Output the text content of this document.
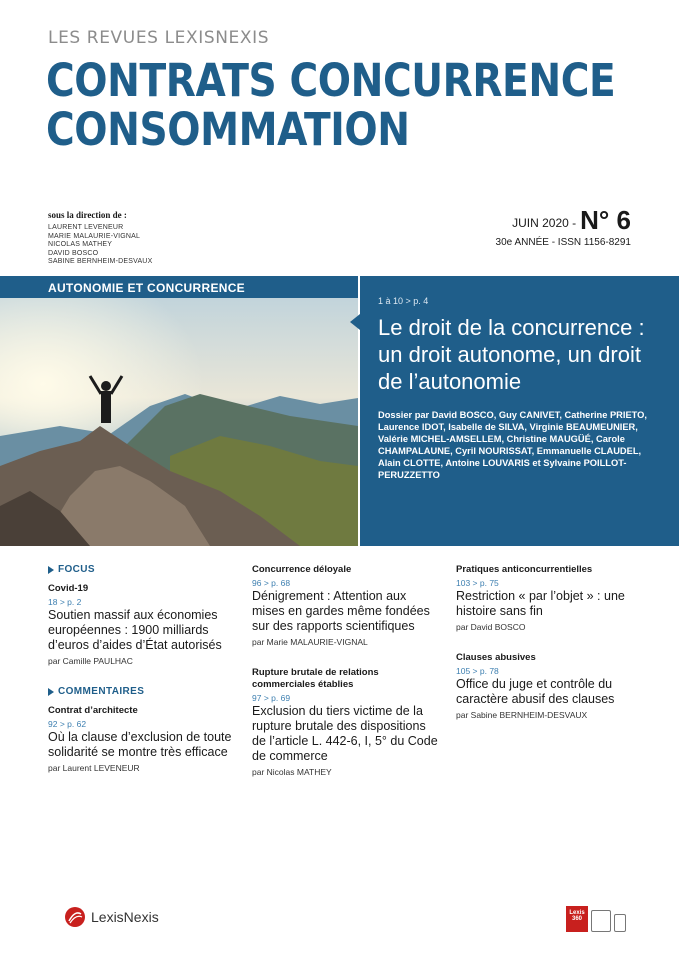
LES REVUES LEXISNEXIS
CONTRATS CONCURRENCE
CONSOMMATION
sous la direction de :
LAURENT LEVENEUR
MARIE MALAURIE-VIGNAL
NICOLAS MATHEY
DAVID BOSCO
SABINE BERNHEIM-DESVAUX
JUIN 2020 - N° 6
30e ANNÉE - ISSN 1156-8291
AUTONOMIE ET CONCURRENCE
1 à 10 > p. 4
Le droit de la concurrence : un droit autonome, un droit de l’autonomie
Dossier par David BOSCO, Guy CANIVET, Catherine PRIETO, Laurence IDOT, Isabelle de SILVA, Virginie BEAUMEUNIER, Valérie MICHEL-AMSELLEM, Christine MAUGÜÉ, Carole CHAMPALAUNE, Cyril NOURISSAT, Emmanuelle CLAUDEL, Alain CLOTTE, Antoine LOUVARIS et Sylvaine POILLOT-PERUZZETTO
FOCUS
Covid-19
18 > p. 2
Soutien massif aux économies européennes : 1900 milliards d’euros d’aides d’État autorisés
par Camille PAULHAC
COMMENTAIRES
Contrat d’architecte
92 > p. 62
Où la clause d’exclusion de toute solidarité se montre très efficace
par Laurent LEVENEUR
Concurrence déloyale
96 > p. 68
Dénigrement : Attention aux mises en gardes même fondées sur des rapports scientifiques
par Marie MALAURIE-VIGNAL
Rupture brutale de relations commerciales établies
97 > p. 69
Exclusion du tiers victime de la rupture brutale des dispositions de l’article L. 442-6, I, 5° du Code de commerce
par Nicolas MATHEY
Pratiques anticoncurrentielles
103 > p. 75
Restriction « par l’objet » : une histoire sans fin
par David BOSCO
Clauses abusives
105 > p. 78
Office du juge et contrôle du caractère abusif des clauses
par Sabine BERNHEIM-DESVAUX
LexisNexis	Lexis 360
